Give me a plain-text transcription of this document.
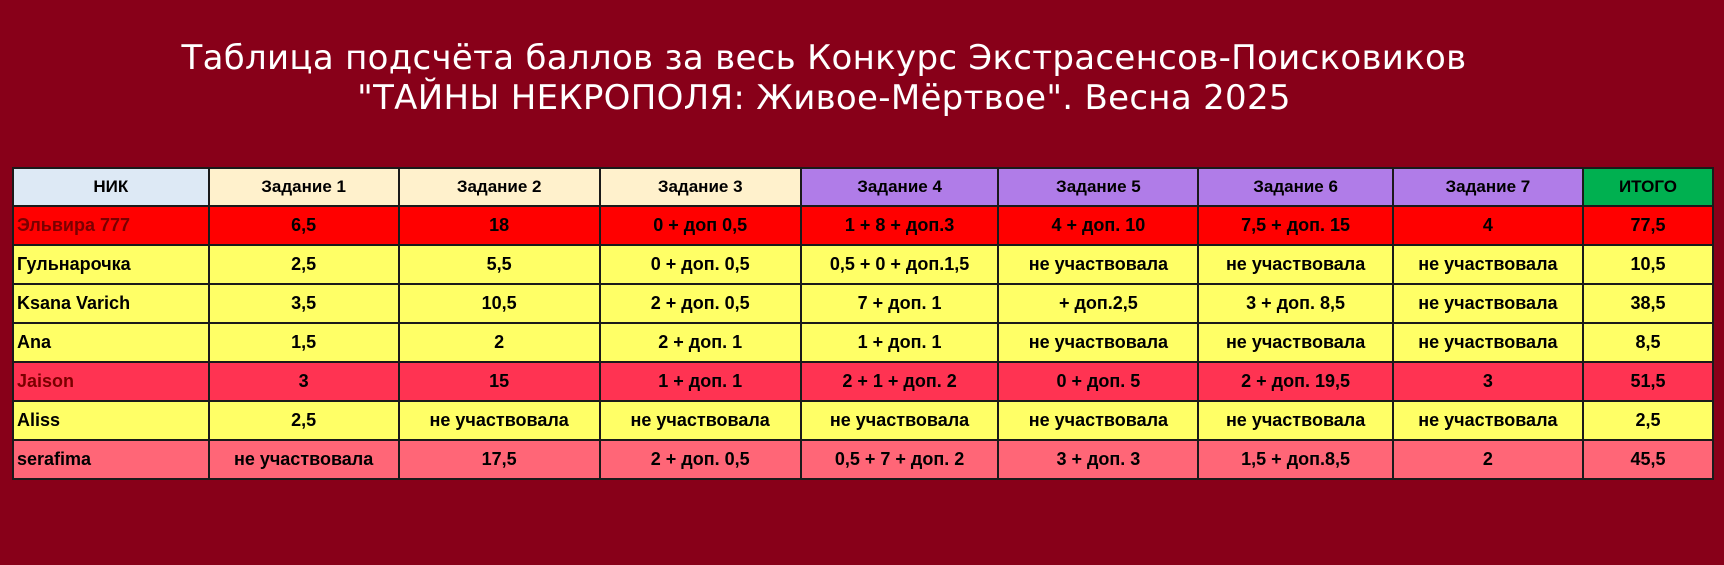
Таблица подсчёта баллов за весь Конкурс Экстрасенсов-Поисковиков
"ТАЙНЫ НЕКРОПОЛЯ: Живое-Мёртвое". Весна 2025
НИК	Задание 1	Задание 2	Задание 3	Задание 4	Задание 5	Задание 6	Задание 7	ИТОГО
Эльвира 777	6,5	18	0 + доп 0,5	1 + 8 + доп.3	4 + доп. 10	7,5 + доп. 15	4	77,5
Гульнарочка	2,5	5,5	0 + доп. 0,5	0,5 + 0 + доп.1,5	не участвовала	не участвовала	не участвовала	10,5
Ksana Varich	3,5	10,5	2 + доп. 0,5	7 + доп. 1	+ доп.2,5	3 + доп. 8,5	не участвовала	38,5
Ana	1,5	2	2 + доп. 1	1 + доп. 1	не участвовала	не участвовала	не участвовала	8,5
Jaison	3	15	1 + доп. 1	2 + 1 + доп. 2	0 + доп. 5	2 + доп. 19,5	3	51,5
Aliss	2,5	не участвовала	не участвовала	не участвовала	не участвовала	не участвовала	не участвовала	2,5
serafima	не участвовала	17,5	2 + доп. 0,5	0,5 + 7 + доп. 2	3 + доп. 3	1,5 + доп.8,5	2	45,5
